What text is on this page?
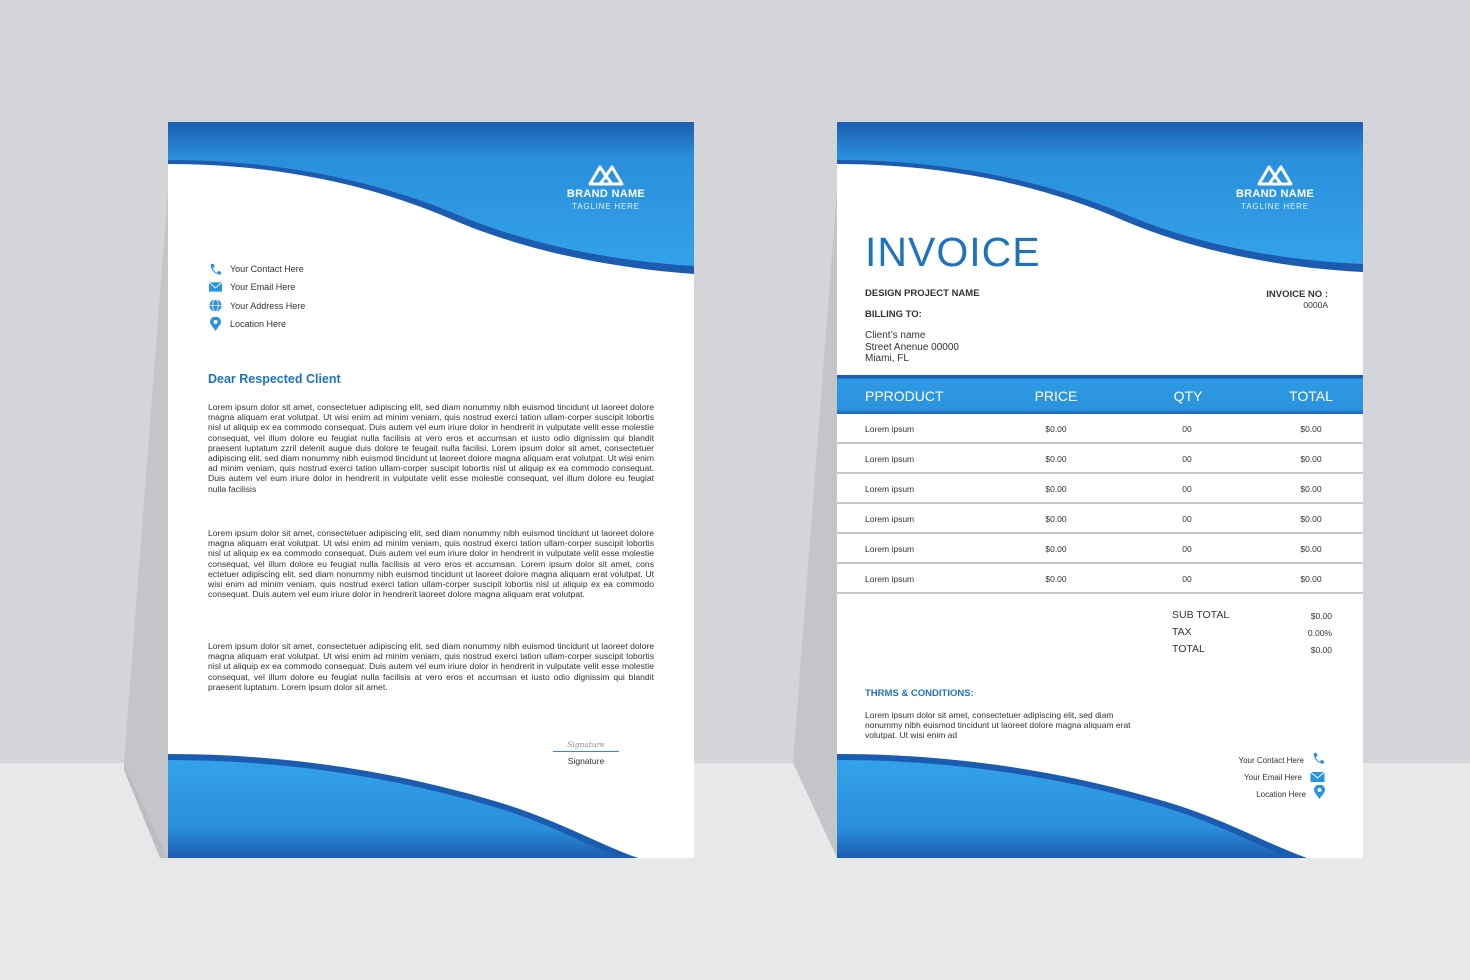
BRAND NAME
TAGLINE HERE
Your Contact Here
Your Email Here
Your Address Here
Location Here
Dear Respected Client

Lorem ipsum dolor sit amet, consectetuer adipiscing elit, sed diam nonummy nibh euismod tincidunt ut laoreet dolore magna aliquam erat volutpat. Ut wisi enim ad minim veniam, quis nostrud exerci tation ullam-corper suscipit lobortis nisl ut aliquip ex ea commodo consequat. Duis autem vel eum iriure dolor in hendrerit in vulputate velit esse molestie consequat, vel illum dolore eu feugiat nulla facilisis at vero eros et accumsan et iusto odio dignissim qui blandit praesent luptatum zzril delenit augue duis dolore te feugait nulla facilisi. Lorem ipsum dolor sit amet, consectetuer adipiscing elit, sed diam nonummy nibh euismod tincidunt ut laoreet dolore magna aliquam erat volutpat. Ut wisi enim ad minim veniam, quis nostrud exerci tation ullam-corper suscipit lobortis nisl ut aliquip ex ea commodo consequat. Duis autem vel eum iriure dolor in hendrerit in vulputate velit esse molestie consequat, vel illum dolore eu feugiat nulla facilisis

Lorem ipsum dolor sit amet, consectetuer adipiscing elit, sed diam nonummy nibh euismod tincidunt ut laoreet dolore magna aliquam erat volutpat. Ut wisi enim ad minim veniam, quis nostrud exerci tation ullam-corper suscipit lobortis nisl ut aliquip ex ea commodo consequat. Duis autem vel eum iriure dolor in hendrerit in vulputate velit esse molestie consequat, vel illum dolore eu feugiat nulla facilisis at vero eros et accumsan. Lorem ipsum dolor sit amet, cons ectetuer adipiscing elit, sed diam nonummy nibh euismod tincidunt ut laoreet dolore magna aliquam erat volutpat. Ut wisi enim ad minim veniam, quis nostrud exerci tation ullam-corper suscipit lobortis nisl ut aliquip ex ea commodo consequat. Duis autem vel eum iriure dolor in hendrerit laoreet dolore magna aliquam erat volutpat.

Lorem ipsum dolor sit amet, consectetuer adipiscing elit, sed diam nonummy nibh euismod tincidunt ut laoreet dolore magna aliquam erat volutpat. Ut wisi enim ad minim veniam, quis nostrud exerci tation ullam-corper suscipit lobortis nisl ut aliquip ex ea commodo consequat. Duis autem vel eum iriure dolor in hendrerit in vulputate velit esse molestie consequat, vel illum dolore eu feugiat nulla facilisis at vero eros et accumsan et iusto odio dignissim qui blandit praesent luptatum. Lorem ipsum dolor sit amet.

Signature
Signature
BRAND NAME
TAGLINE HERE
INVOICE
DESIGN PROJECT NAME
BILLING TO:
Client’s name
Street Anenue 00000
Miami, FL
INVOICE NO :
0000A
PPRODUCT	PRICE	QTY	TOTAL
Lorem ipsum	$0.00	00	$0.00
Lorem ipsum	$0.00	00	$0.00
Lorem ipsum	$0.00	00	$0.00
Lorem ipsum	$0.00	00	$0.00
Lorem ipsum	$0.00	00	$0.00
Lorem ipsum	$0.00	00	$0.00
SUB TOTAL	$0.00
TAX	0.00%
TOTAL	$0.00
THRMS & CONDITIONS:

Lorem ipsum dolor sit amet, consectetuer adipiscing elit, sed diam nonummy nibh euismod tincidunt ut laoreet dolore magna aliquam erat volutpat. Ut wisi enim ad

Your Contact Here
Your Email Here
Location Here
